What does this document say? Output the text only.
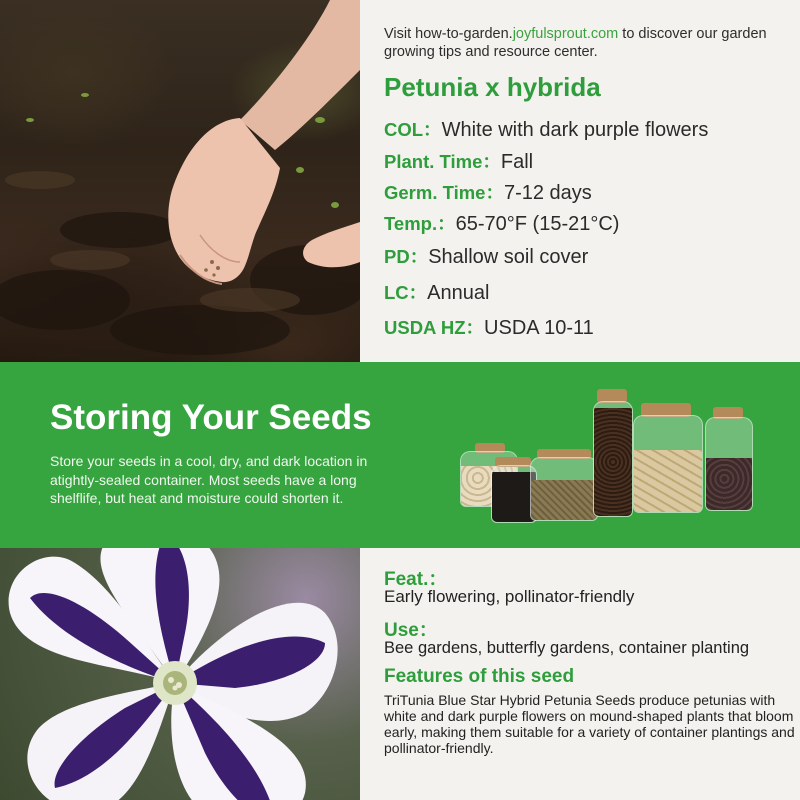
Visit how-to-garden.joyfulsprout.com to discover our garden growing tips and resource center.
Petunia x hybrida
COL：White with dark purple flowers
Plant. Time：Fall
Germ. Time：7-12 days
Temp.：65-70°F (15-21°C)
PD：Shallow soil cover
LC：Annual
USDA HZ：USDA 10-11
Storing Your Seeds
Store your seeds in a cool, dry, and dark location in atightly-sealed container. Most seeds have a long shelflife, but heat and moisture could shorten it.
Feat.：
Early flowering, pollinator-friendly
Use：
Bee gardens, butterfly gardens, container planting
Features of this seed
TriTunia Blue Star Hybrid Petunia Seeds produce petunias with white and dark purple flowers on mound-shaped plants that bloom early, making them suitable for a variety of container plantings and pollinator-friendly.
